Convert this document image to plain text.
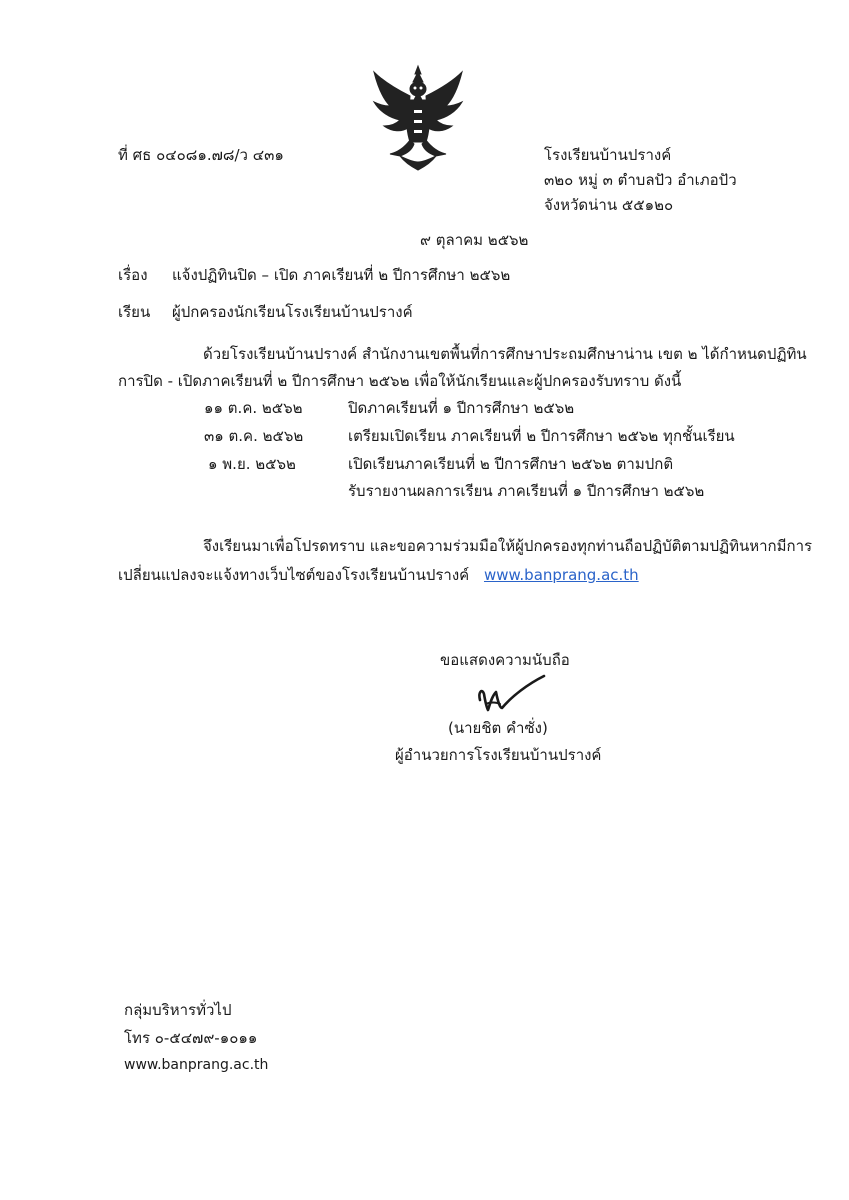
ที่ ศธ ๐๔๐๘๑.๗๘/ว ๔๓๑	โรงเรียนบ้านปรางค์
๓๒๐ หมู่ ๓ ตำบลปัว อำเภอปัว
จังหวัดน่าน ๕๕๑๒๐
๙ ตุลาคม ๒๕๖๒
เรื่อง แจ้งปฏิทินปิด – เปิด ภาคเรียนที่ ๒ ปีการศึกษา ๒๕๖๒
เรียน ผู้ปกครองนักเรียนโรงเรียนบ้านปรางค์
ด้วยโรงเรียนบ้านปรางค์ สำนักงานเขตพื้นที่การศึกษาประถมศึกษาน่าน เขต ๒ ได้กำหนดปฏิทิน
การปิด - เปิดภาคเรียนที่ ๒ ปีการศึกษา ๒๕๖๒ เพื่อให้นักเรียนและผู้ปกครองรับทราบ ดังนี้
๑๑ ต.ค. ๒๕๖๒	ปิดภาคเรียนที่ ๑ ปีการศึกษา ๒๕๖๒
๓๑ ต.ค. ๒๕๖๒	เตรียมเปิดเรียน ภาคเรียนที่ ๒ ปีการศึกษา ๒๕๖๒ ทุกชั้นเรียน
๑ พ.ย. ๒๕๖๒	เปิดเรียนภาคเรียนที่ ๒ ปีการศึกษา ๒๕๖๒ ตามปกติ
รับรายงานผลการเรียน ภาคเรียนที่ ๑ ปีการศึกษา ๒๕๖๒
จึงเรียนมาเพื่อโปรดทราบ และขอความร่วมมือให้ผู้ปกครองทุกท่านถือปฏิบัติตามปฏิทินหากมีการ
เปลี่ยนแปลงจะแจ้งทางเว็บไซต์ของโรงเรียนบ้านปรางค์ www.banprang.ac.th
ขอแสดงความนับถือ
(นายชิต คำซั่ง)
ผู้อำนวยการโรงเรียนบ้านปรางค์
กลุ่มบริหารทั่วไป
โทร ๐-๕๔๗๙-๑๐๑๑
www.banprang.ac.th
